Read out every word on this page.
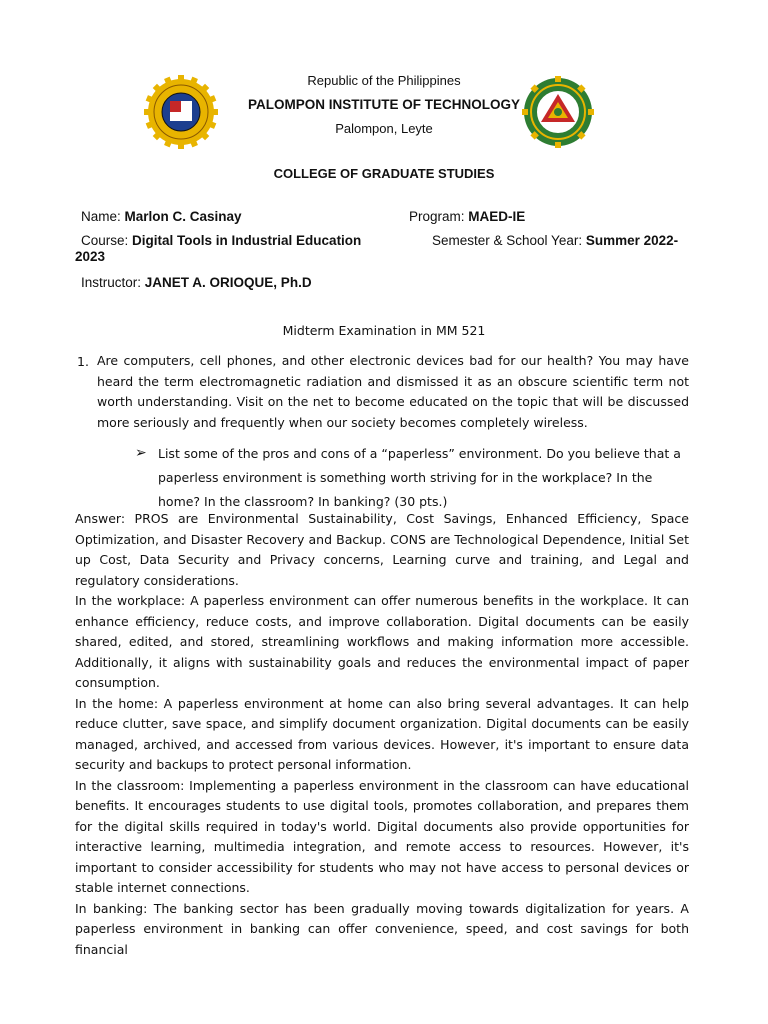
Republic of the Philippines
PALOMPON INSTITUTE OF TECHNOLOGY
Palompon, Leyte
COLLEGE OF GRADUATE STUDIES
Name: Marlon C. Casinay	Program: MAED-IE
Course: Digital Tools in Industrial Education	Semester & School Year: Summer 2022-
2023
Instructor: JANET A. ORIOQUE, Ph.D
Midterm Examination in MM 521
1. Are computers, cell phones, and other electronic devices bad for our health? You may have heard the term electromagnetic radiation and dismissed it as an obscure scientific term not worth understanding. Visit on the net to become educated on the topic that will be discussed more seriously and frequently when our society becomes completely wireless.
➢ List some of the pros and cons of a “paperless” environment. Do you believe that a paperless environment is something worth striving for in the workplace? In the home? In the classroom? In banking? (30 pts.)

Answer: PROS are Environmental Sustainability, Cost Savings, Enhanced Efficiency, Space Optimization, and Disaster Recovery and Backup. CONS are Technological Dependence, Initial Set up Cost, Data Security and Privacy concerns, Learning curve and training, and Legal and regulatory considerations.

In the workplace: A paperless environment can offer numerous benefits in the workplace. It can enhance efficiency, reduce costs, and improve collaboration. Digital documents can be easily shared, edited, and stored, streamlining workflows and making information more accessible. Additionally, it aligns with sustainability goals and reduces the environmental impact of paper consumption.

In the home: A paperless environment at home can also bring several advantages. It can help reduce clutter, save space, and simplify document organization. Digital documents can be easily managed, archived, and accessed from various devices. However, it's important to ensure data security and backups to protect personal information.

In the classroom: Implementing a paperless environment in the classroom can have educational benefits. It encourages students to use digital tools, promotes collaboration, and prepares them for the digital skills required in today's world. Digital documents also provide opportunities for interactive learning, multimedia integration, and remote access to resources. However, it's important to consider accessibility for students who may not have access to personal devices or stable internet connections.

In banking: The banking sector has been gradually moving towards digitalization for years. A paperless environment in banking can offer convenience, speed, and cost savings for both financial
